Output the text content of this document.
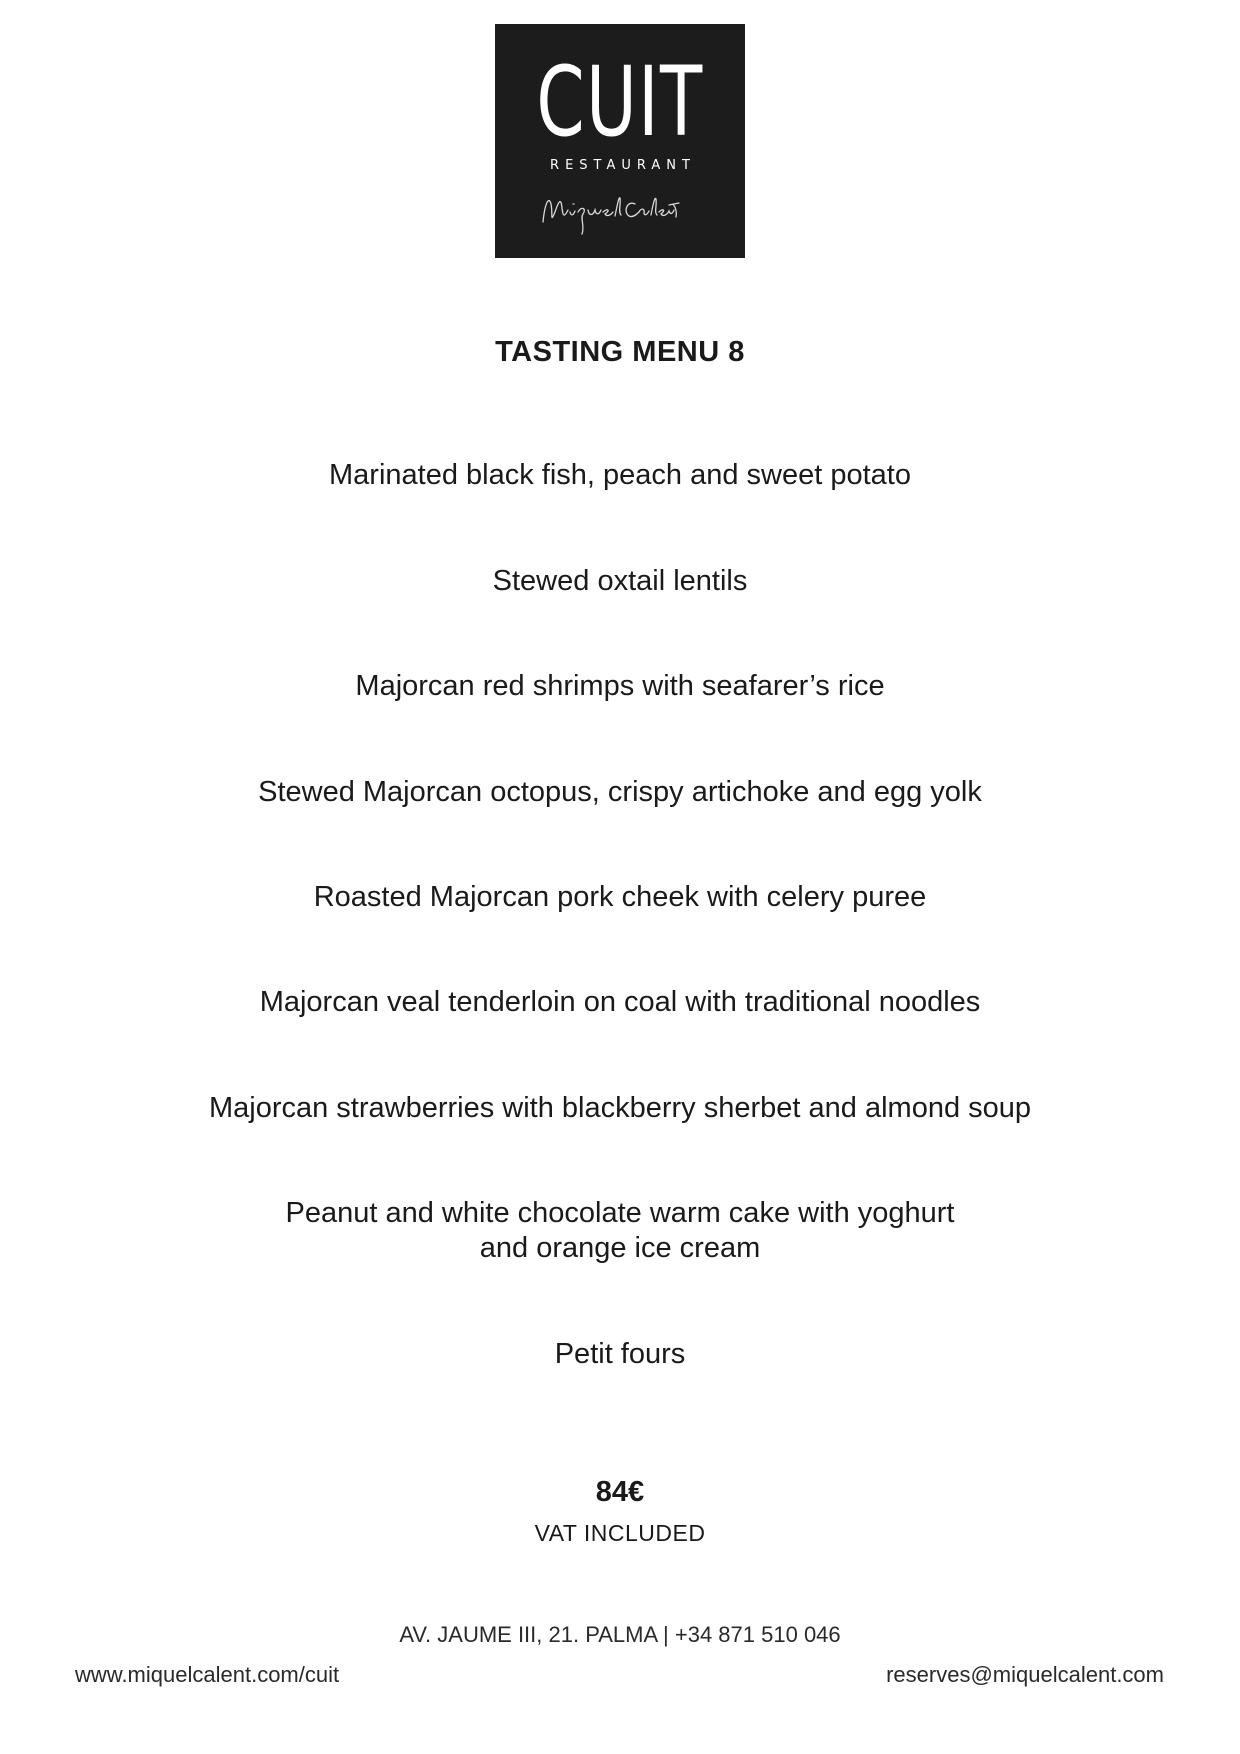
CUIT
RESTAURANT
TASTING MENU 8
Marinated black fish, peach and sweet potato
Stewed oxtail lentils
Majorcan red shrimps with seafarer’s rice
Stewed Majorcan octopus, crispy artichoke and egg yolk
Roasted Majorcan pork cheek with celery puree
Majorcan veal tenderloin on coal with traditional noodles
Majorcan strawberries with blackberry sherbet and almond soup
Peanut and white chocolate warm cake with yoghurt
and orange ice cream
Petit fours
84€
VAT INCLUDED
AV. JAUME III, 21. PALMA | +34 871 510 046
www.miquelcalent.com/cuit	reserves@miquelcalent.com
